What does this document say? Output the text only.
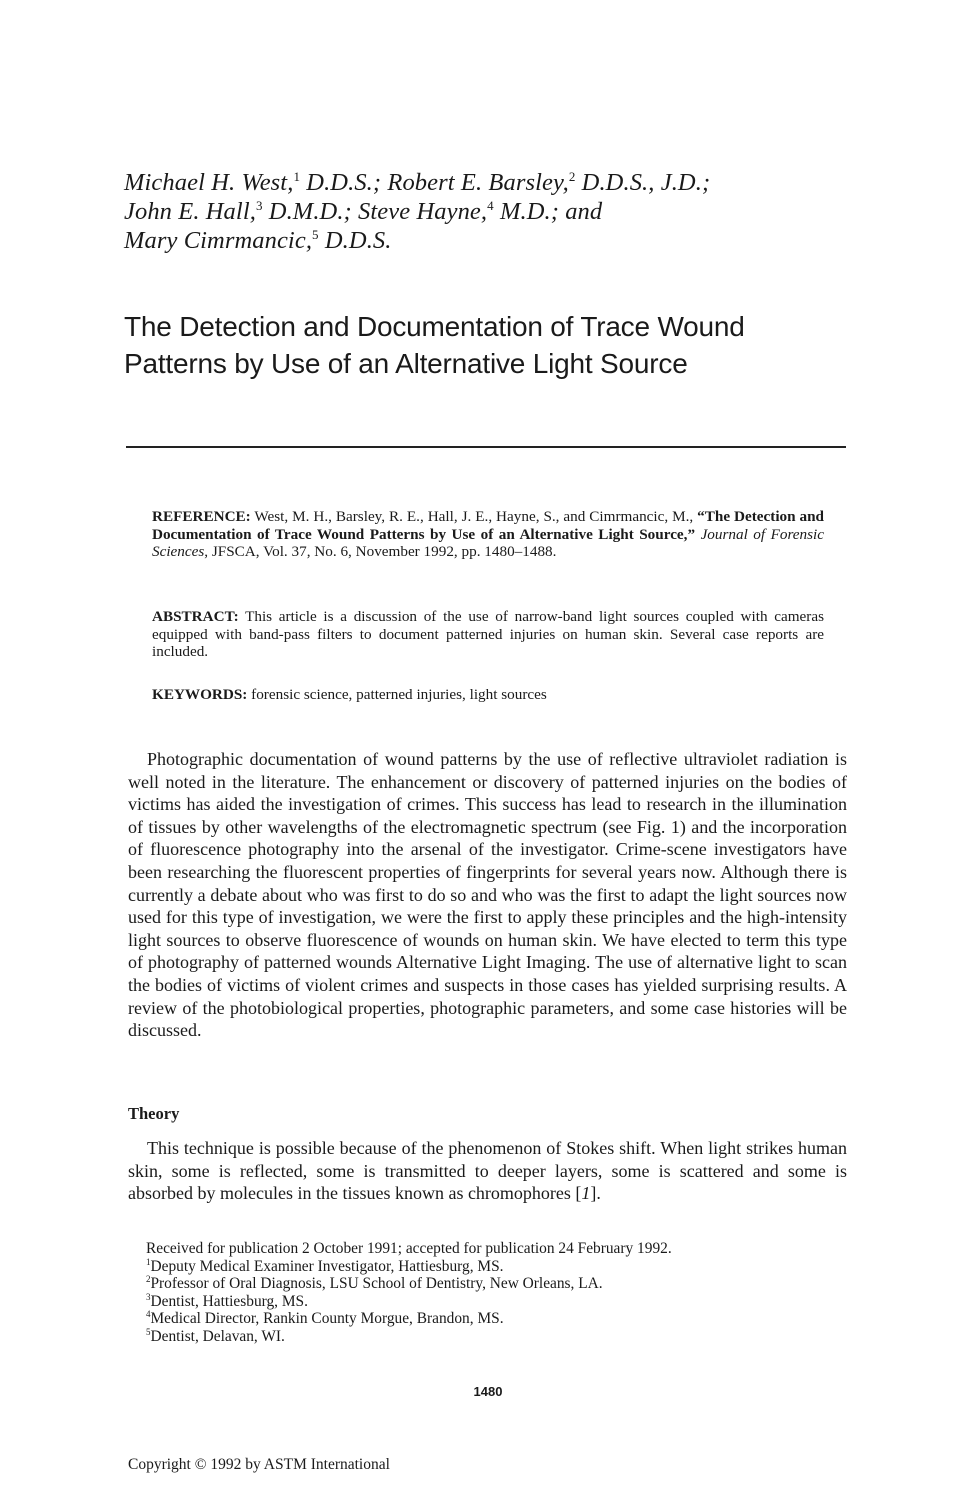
Michael H. West,$^1$ D.D.S.; Robert E. Barsley,$^2$ D.D.S., J.D.;
John E. Hall,$^3$ D.M.D.; Steve Hayne,$^4$ M.D.; and
Mary Cimrmancic,$^5$ D.D.S.
The Detection and Documentation of Trace Wound
Patterns by Use of an Alternative Light Source
REFERENCE: West, M. H., Barsley, R. E., Hall, J. E., Hayne, S., and Cimrmancic, M., “The Detection and Documentation of Trace Wound Patterns by Use of an Alternative Light Source,” Journal of Forensic Sciences, JFSCA, Vol. 37, No. 6, November 1992, pp. 1480–1488.
ABSTRACT: This article is a discussion of the use of narrow-band light sources coupled with cameras equipped with band-pass filters to document patterned injuries on human skin. Several case reports are included.
KEYWORDS: forensic science, patterned injuries, light sources

Photographic documentation of wound patterns by the use of reflective ultraviolet radiation is well noted in the literature. The enhancement or discovery of patterned injuries on the bodies of victims has aided the investigation of crimes. This success has lead to research in the illumination of tissues by other wavelengths of the electromagnetic spectrum (see Fig. 1) and the incorporation of fluorescence photography into the arsenal of the investigator. Crime-scene investigators have been researching the fluorescent properties of fingerprints for several years now. Although there is currently a debate about who was first to do so and who was the first to adapt the light sources now used for this type of investigation, we were the first to apply these principles and the high-intensity light sources to observe fluorescence of wounds on human skin. We have elected to term this type of photography of patterned wounds Alternative Light Imaging. The use of alternative light to scan the bodies of victims of violent crimes and suspects in those cases has yielded surprising results. A review of the photobiological properties, photographic parameters, and some case histories will be discussed.

Theory

This technique is possible because of the phenomenon of Stokes shift. When light strikes human skin, some is reflected, some is transmitted to deeper layers, some is scattered and some is absorbed by molecules in the tissues known as chromophores [1].

Received for publication 2 October 1991; accepted for publication 24 February 1992.
$^1$Deputy Medical Examiner Investigator, Hattiesburg, MS.
$^2$Professor of Oral Diagnosis, LSU School of Dentistry, New Orleans, LA.
$^3$Dentist, Hattiesburg, MS.
$^4$Medical Director, Rankin County Morgue, Brandon, MS.
$^5$Dentist, Delavan, WI.
1480
Copyright © 1992 by ASTM International
